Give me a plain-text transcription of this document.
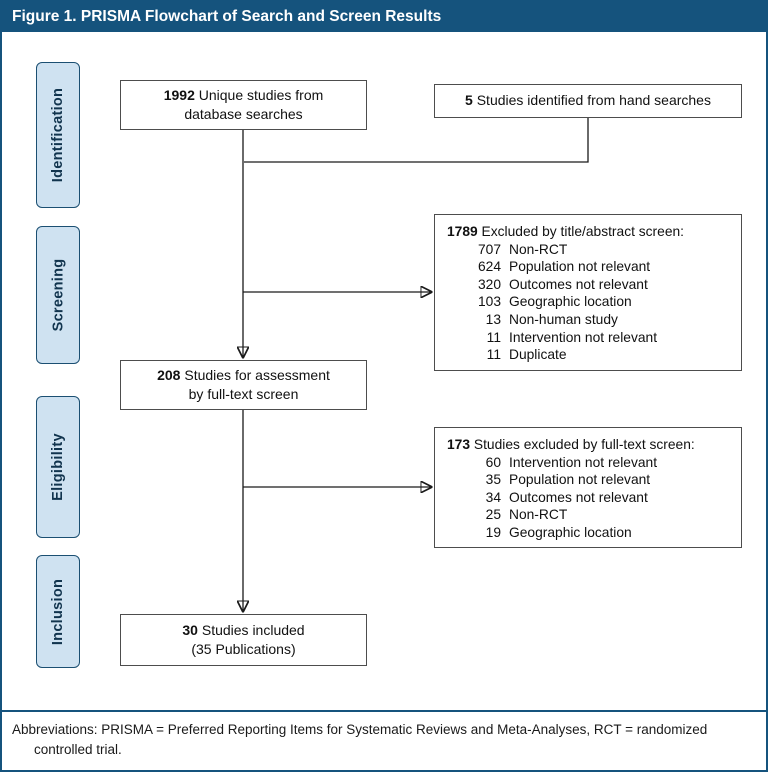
Figure 1. PRISMA Flowchart of Search and Screen Results
Identification
Screening
Eligibility
Inclusion
1992 Unique studies from
database searches
5 Studies identified from hand searches
1789 Excluded by title/abstract screen:
707 Non-RCT
624 Population not relevant
320 Outcomes not relevant
103 Geographic location
13 Non-human study
11 Intervention not relevant
11 Duplicate
208 Studies for assessment
by full-text screen
173 Studies excluded by full-text screen:
60 Intervention not relevant
35 Population not relevant
34 Outcomes not relevant
25 Non-RCT
19 Geographic location
30 Studies included
(35 Publications)
Abbreviations: PRISMA = Preferred Reporting Items for Systematic Reviews and Meta-Analyses, RCT = randomized controlled trial.
